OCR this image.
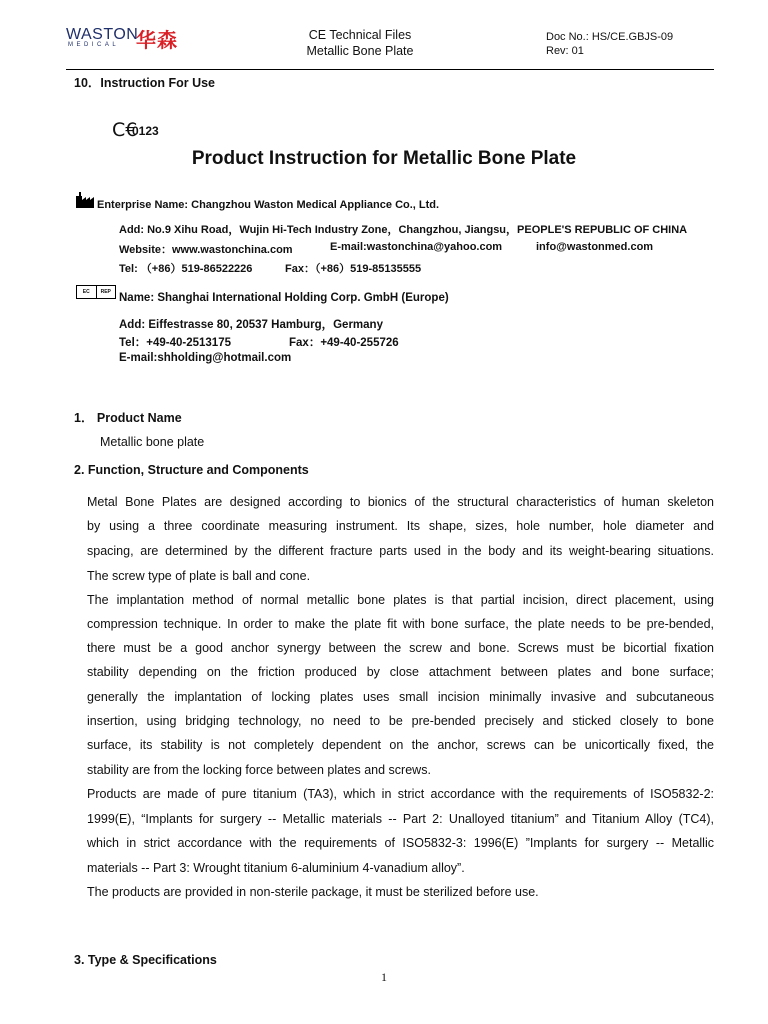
WASTON
MEDICAL 华森	CE Technical Files
Metallic Bone Plate
Doc No.: HS/CE.GBJS-09
Rev: 01
10．Instruction For Use
C€
0123
Product Instruction for Metallic Bone Plate
Enterprise Name: Changzhou Waston Medical Appliance Co., Ltd.
Add: No.9 Xihu Road，Wujin Hi-Tech Industry Zone，Changzhou, Jiangsu，PEOPLE'S REPUBLIC OF CHINA
Website：www.wastonchina.com	E-mail:wastonchina@yahoo.com	info@wastonmed.com
Tel: （+86）519-86522226	Fax：（+86）519-85135555
EC	REP Name: Shanghai International Holding Corp. GmbH (Europe)
Add: Eiffestrasse 80, 20537 Hamburg，Germany
Tel：+49-40-2513175	Fax：+49-40-255726
E-mail:shholding@hotmail.com
1． Product Name
Metallic bone plate
2. Function, Structure and Components
Metal Bone Plates are designed according to bionics of the structural characteristics of human skeleton
by using a three coordinate measuring instrument. Its shape, sizes, hole number, hole diameter and
spacing, are determined by the different fracture parts used in the body and its weight-bearing situations.
The screw type of plate is ball and cone.
The implantation method of normal metallic bone plates is that partial incision, direct placement, using
compression technique. In order to make the plate fit with bone surface, the plate needs to be pre-bended,
there must be a good anchor synergy between the screw and bone. Screws must be bicortial fixation
stability depending on the friction produced by close attachment between plates and bone surface;
generally the implantation of locking plates uses small incision minimally invasive and subcutaneous
insertion, using bridging technology, no need to be pre-bended precisely and sticked closely to bone
surface, its stability is not completely dependent on the anchor, screws can be unicortically fixed, the
stability are from the locking force between plates and screws.
Products are made of pure titanium (TA3), which in strict accordance with the requirements of ISO5832-2:
1999(E), “Implants for surgery -- Metallic materials -- Part 2: Unalloyed titanium” and Titanium Alloy (TC4),
which in strict accordance with the requirements of ISO5832-3: 1996(E) ”Implants for surgery -- Metallic
materials -- Part 3: Wrought titanium 6-aluminium 4-vanadium alloy”.
The products are provided in non-sterile package, it must be sterilized before use.
3. Type & Specifications
1
